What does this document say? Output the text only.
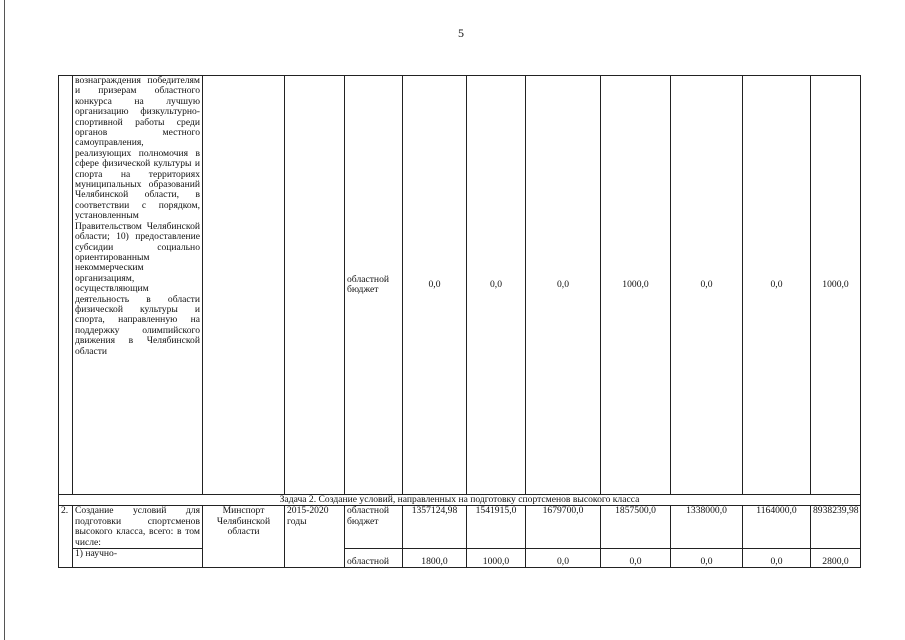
5
	вознаграждения победителям и призерам областного конкурса на лучшую организацию физкультурно-спортивной работы среди органов местного самоуправления, реализующих полномочия в сфере физической культуры и спорта на территориях муниципальных образований Челябинской области, в соответствии с порядком, установленным Правительством Челябинской области; 10) предоставление субсидии социально ориентированным некоммерческим организациям, осуществляющим деятельность в области физической культуры и спорта, направленную на поддержку олимпийского движения в Челябинской области			областной бюджет	0,0	0,0	0,0	1000,0	0,0	0,0	1000,0
Задача 2. Создание условий, направленных на подготовку спортсменов высокого класса											
2.	Создание условий для подготовки спортсменов высокого класса, всего: в том числе:	Минспорт Челябинской области	2015-2020 годы	областной бюджет	1357124,98	1541915,0	1679700,0	1857500,0	1338000,0	1164000,0	8938239,98
	1) научно-			областной	1800,0	1000,0	0,0	0,0	0,0	0,0	2800,0
